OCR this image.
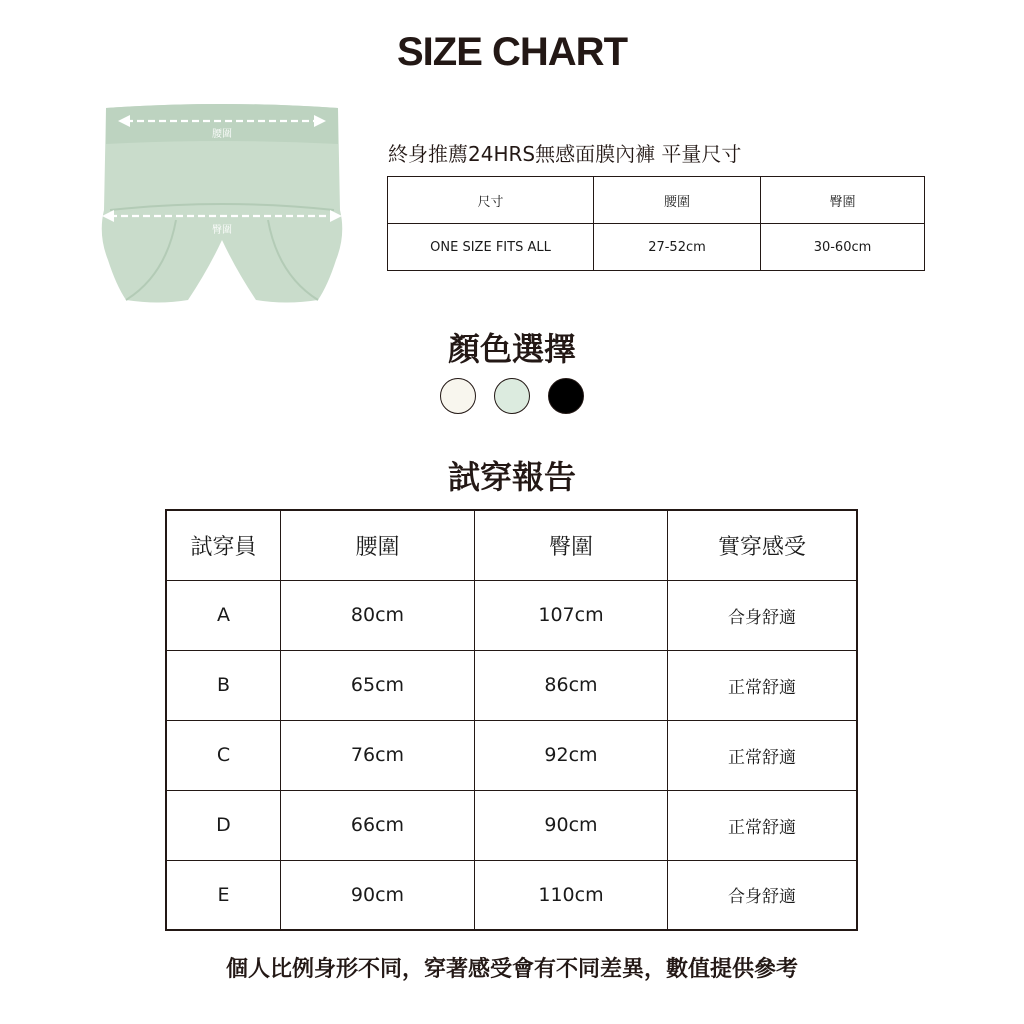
SIZE CHART
腰圍
臀圍
終身推薦24HRS無感面膜內褲 平量尺寸
尺寸	腰圍	臀圍
ONE SIZE FITS ALL	27-52cm	30-60cm
顏色選擇

試穿報告
試穿員	腰圍	臀圍	實穿感受
A	80cm	107cm	合身舒適
B	65cm	86cm	正常舒適
C	76cm	92cm	正常舒適
D	66cm	90cm	正常舒適
E	90cm	110cm	合身舒適
個人比例身形不同，穿著感受會有不同差異，數值提供參考
